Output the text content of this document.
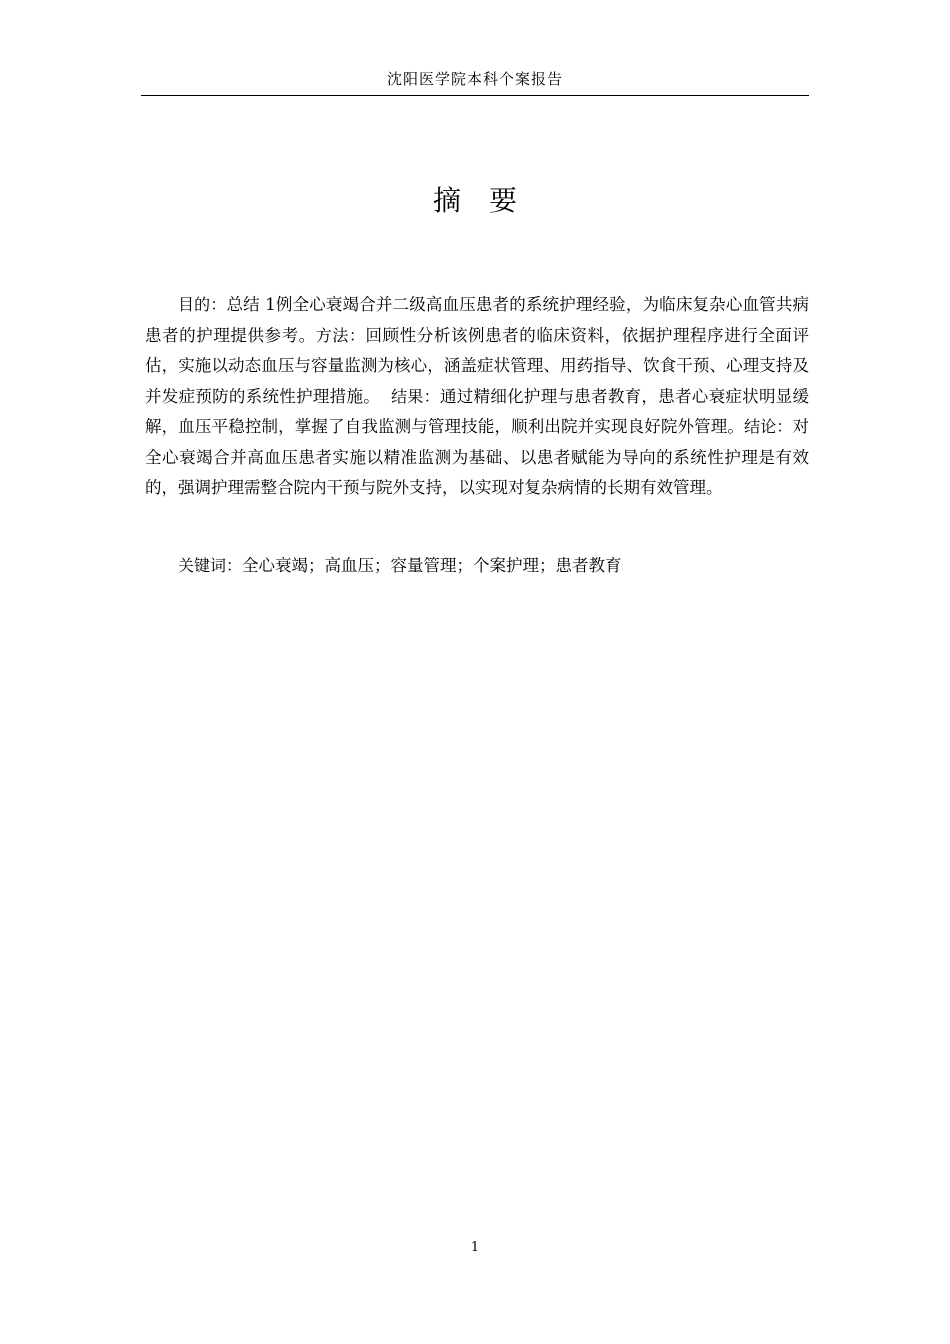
沈阳医学院本科个案报告
摘 要

目的：总结 1例全心衰竭合并二级高血压患者的系统护理经验，为临床复杂心血管共病患者的护理提供参考。方法：回顾性分析该例患者的临床资料，依据护理程序进行全面评估，实施以动态血压与容量监测为核心，涵盖症状管理、用药指导、饮食干预、心理支持及并发症预防的系统性护理措施。 结果：通过精细化护理与患者教育，患者心衰症状明显缓解，血压平稳控制，掌握了自我监测与管理技能，顺利出院并实现良好院外管理。结论：对全心衰竭合并高血压患者实施以精准监测为基础、以患者赋能为导向的系统性护理是有效的，强调护理需整合院内干预与院外支持，以实现对复杂病情的长期有效管理。

关键词：全心衰竭；高血压；容量管理；个案护理；患者教育

1
